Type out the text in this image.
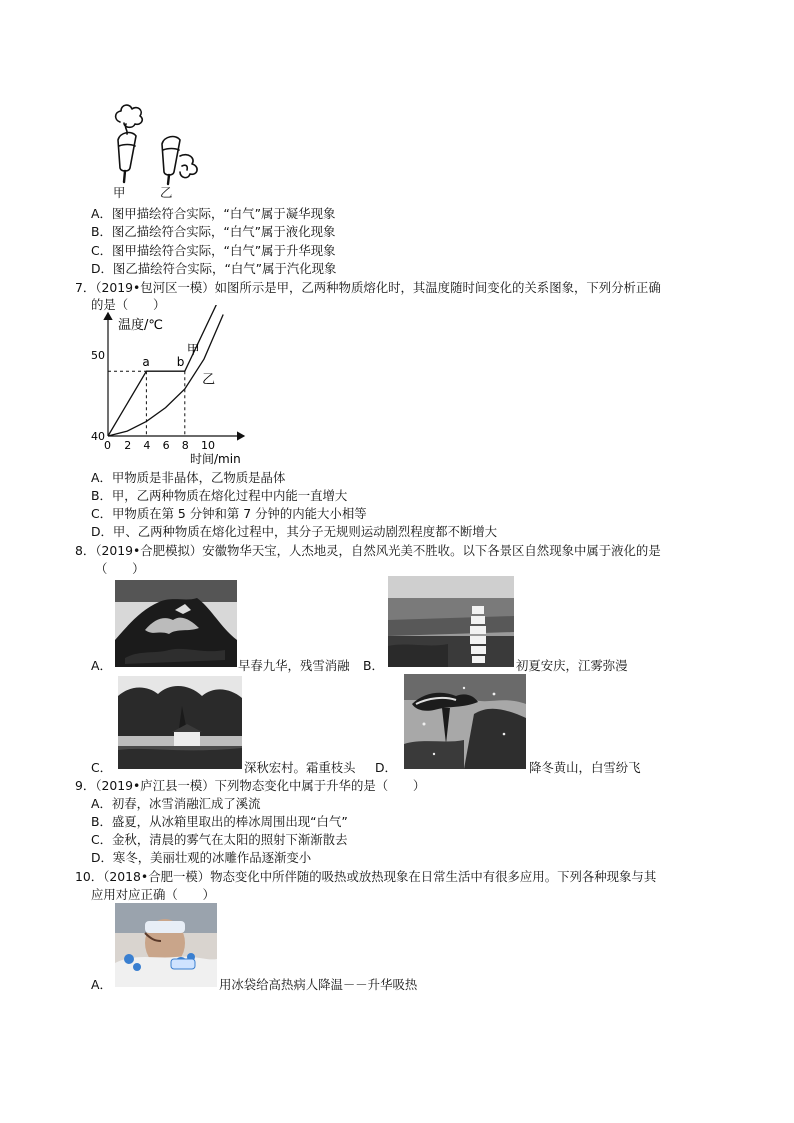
甲	乙
A．图甲描绘符合实际，“白气”属于凝华现象
B．图乙描绘符合实际，“白气”属于液化现象
C．图甲描绘符合实际，“白气”属于升华现象
D．图乙描绘符合实际，“白气”属于汽化现象
7．（2019•包河区一模）如图所示是甲，乙两种物质熔化时，其温度随时间变化的关系图象，下列分析正确
的是（　　）
温度/℃
时间/min
0 2 4 6 8 10
40
50	a b
甲
乙
A．甲物质是非晶体，乙物质是晶体
B．甲，乙两种物质在熔化过程中内能一直增大
C．甲物质在第 5 分钟和第 7 分钟的内能大小相等
D．甲、乙两种物质在熔化过程中，其分子无规则运动剧烈程度都不断增大
8．（2019•合肥模拟）安徽物华天宝，人杰地灵，自然风光美不胜收。以下各景区自然现象中属于液化的是
（　　）
A．	早春九华，残雪消融 B．	初夏安庆，江雾弥漫
C．	深秋宏村。霜重枝头 D．	降冬黄山，白雪纷飞
9．（2019•庐江县一模）下列物态变化中属于升华的是（　　）
A．初春，冰雪消融汇成了溪流
B．盛夏，从冰箱里取出的棒冰周围出现“白气”
C．金秋，清晨的雾气在太阳的照射下渐渐散去
D．寒冬，美丽壮观的冰雕作品逐渐变小
10．（2018•合肥一模）物态变化中所伴随的吸热或放热现象在日常生活中有很多应用。下列各种现象与其
应用对应正确（　　）
A．	用冰袋给高热病人降温－－升华吸热
